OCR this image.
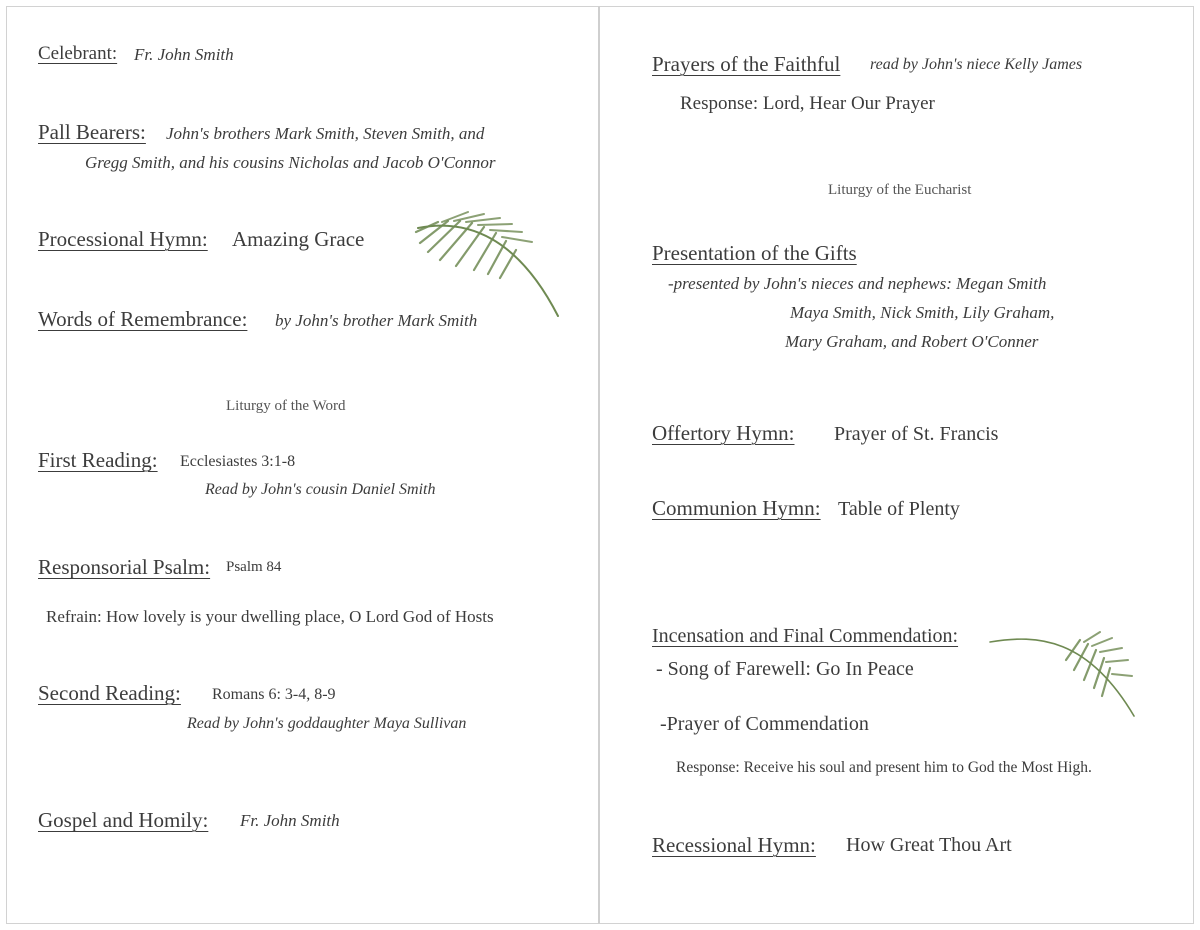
Celebrant: Fr. John Smith
Pall Bearers: John's brothers Mark Smith, Steven Smith, and
Gregg Smith, and his cousins Nicholas and Jacob O'Connor
Processional Hymn: Amazing Grace
Words of Remembrance: by John's brother Mark Smith
Liturgy of the Word
First Reading: Ecclesiastes 3:1-8
Read by John's cousin Daniel Smith
Responsorial Psalm: Psalm 84
Refrain: How lovely is your dwelling place, O Lord God of Hosts
Second Reading: Romans 6: 3-4, 8-9
Read by John's goddaughter Maya Sullivan
Gospel and Homily: Fr. John Smith
Prayers of the Faithful read by John's niece Kelly James
Response: Lord, Hear Our Prayer
Liturgy of the Eucharist
Presentation of the Gifts
-presented by John's nieces and nephews: Megan Smith
Maya Smith, Nick Smith, Lily Graham,
Mary Graham, and Robert O'Conner
Offertory Hymn: Prayer of St. Francis
Communion Hymn: Table of Plenty
Incensation and Final Commendation:
- Song of Farewell: Go In Peace
-Prayer of Commendation
Response: Receive his soul and present him to God the Most High.
Recessional Hymn: How Great Thou Art
